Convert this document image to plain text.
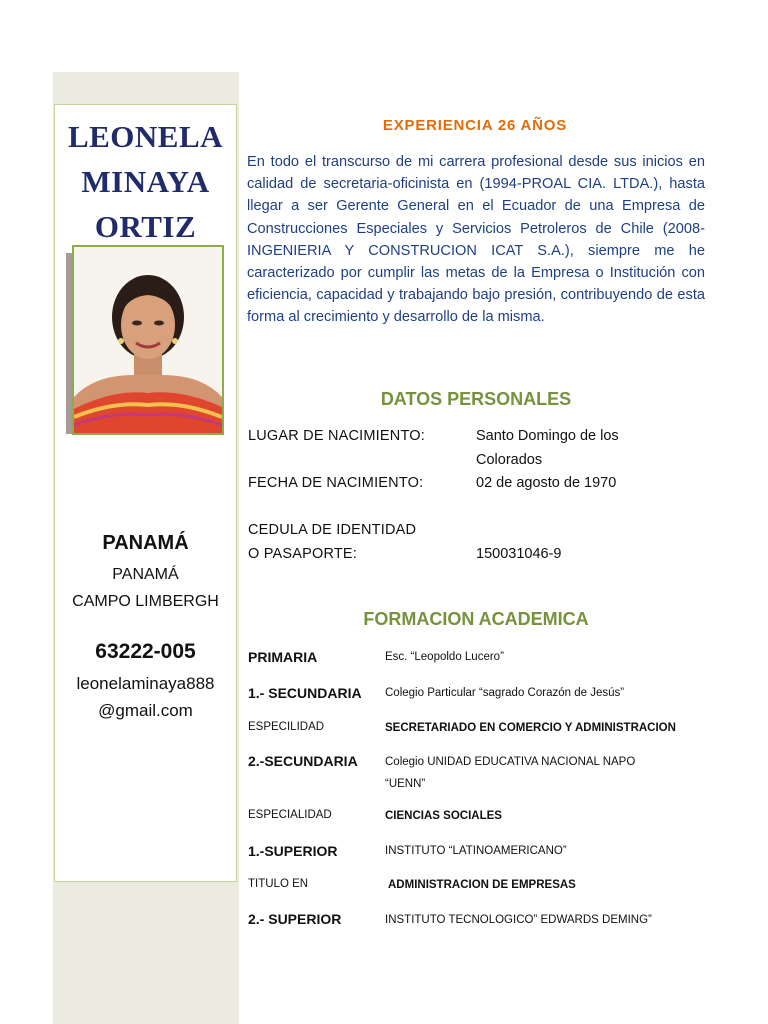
LEONELA
MINAYA
ORTIZ
PANAMÁ
PANAMÁ
CAMPO LIMBERGH
63222-005
leonelaminaya888
@gmail.com
EXPERIENCIA 26 AÑOS
En todo el transcurso de mi carrera profesional desde sus inicios en calidad de secretaria-oficinista en (1994-PROAL CIA. LTDA.), hasta llegar a ser Gerente General en el Ecuador de una Empresa de Construcciones Especiales y Servicios Petroleros de Chile (2008-INGENIERIA Y CONSTRUCION ICAT S.A.), siempre me he caracterizado por cumplir las metas de la Empresa o Institución con eficiencia, capacidad y trabajando bajo presión, contribuyendo de esta forma al crecimiento y desarrollo de la misma.
DATOS PERSONALES
LUGAR DE NACIMIENTO:	Santo Domingo de los
Colorados
FECHA DE NACIMIENTO:	02 de agosto de 1970
CEDULA DE IDENTIDAD
O PASAPORTE:	150031046-9
FORMACION ACADEMICA
PRIMARIA	Esc. “Leopoldo Lucero”
1.- SECUNDARIA Colegio Particular “sagrado Corazón de Jesús”
ESPECILIDAD	SECRETARIADO EN COMERCIO Y ADMINISTRACION
2.-SECUNDARIA Colegio UNIDAD EDUCATIVA NACIONAL NAPO
“UENN”
ESPECIALIDAD	CIENCIAS SOCIALES
1.-SUPERIOR	INSTITUTO “LATINOAMERICANO”
TITULO EN	ADMINISTRACION DE EMPRESAS
2.- SUPERIOR	INSTITUTO TECNOLOGICO” EDWARDS DEMING”
